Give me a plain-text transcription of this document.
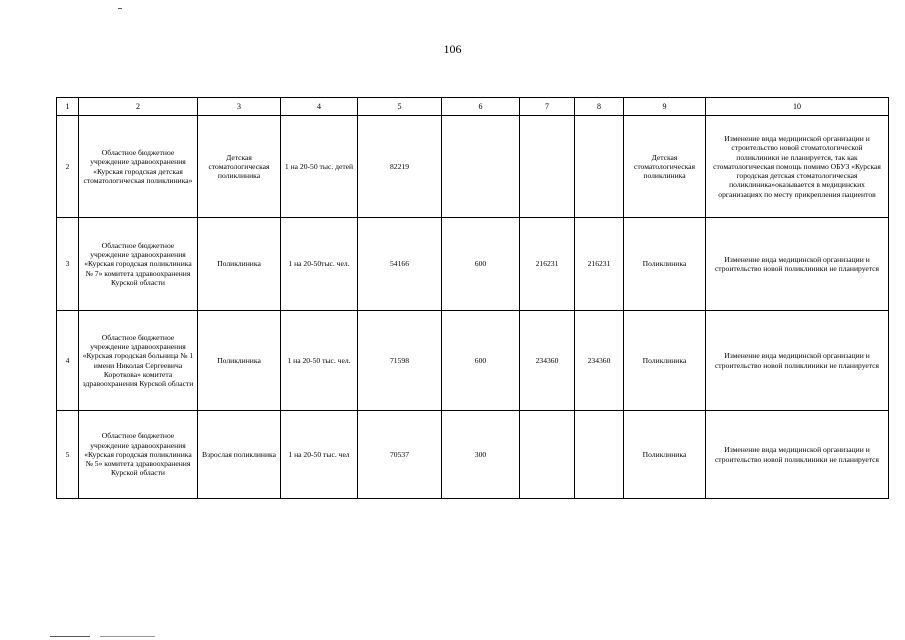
106
1	2	3	4	5	6	7	8	9	10
2	Областное бюджетное учреждение здравоохранения «Курская городская детская стоматологическая поликлиника»	Детская стоматологическая поликлиника	1 на 20-50 тыс. детей	82219				Детская стоматологическая поликлиника	Изменение вида медицинской организации и строительство новой стоматологической поликлиники не планируется, так как стоматологическая помощь помимо ОБУЗ «Курская городская детская стоматологическая поликлиника»оказывается в медицинских организациях по месту прикрепления пациентов
3	Областное бюджетное учреждение здравоохранения «Курская городская поликлиника № 7» комитета здравоохранения Курской области	Поликлиника	1 на 20-50тыс. чел.	54166	600	216231	216231	Поликлиника	Изменение вида медицинской организации и строительство новой поликлиники не планируется
4	Областное бюджетное учреждение здравоохранения «Курская городская больница № 1 имени Николая Сергеевича Короткова» комитета здравоохранения Курской области	Поликлиника	1 на 20-50 тыс. чел.	71598	600	234360	234360	Поликлиника	Изменение вида медицинской организации и строительство новой поликлиники не планируется
5	Областное бюджетное учреждение здравоохранения «Курская городская поликлиника № 5» комитета здравоохранения Курской области	Взрослая поликлиника	1 на 20-50 тыс. чел	70537	300			Поликлиника	Изменение вида медицинской организации и строительство новой поликлиники не планируется
